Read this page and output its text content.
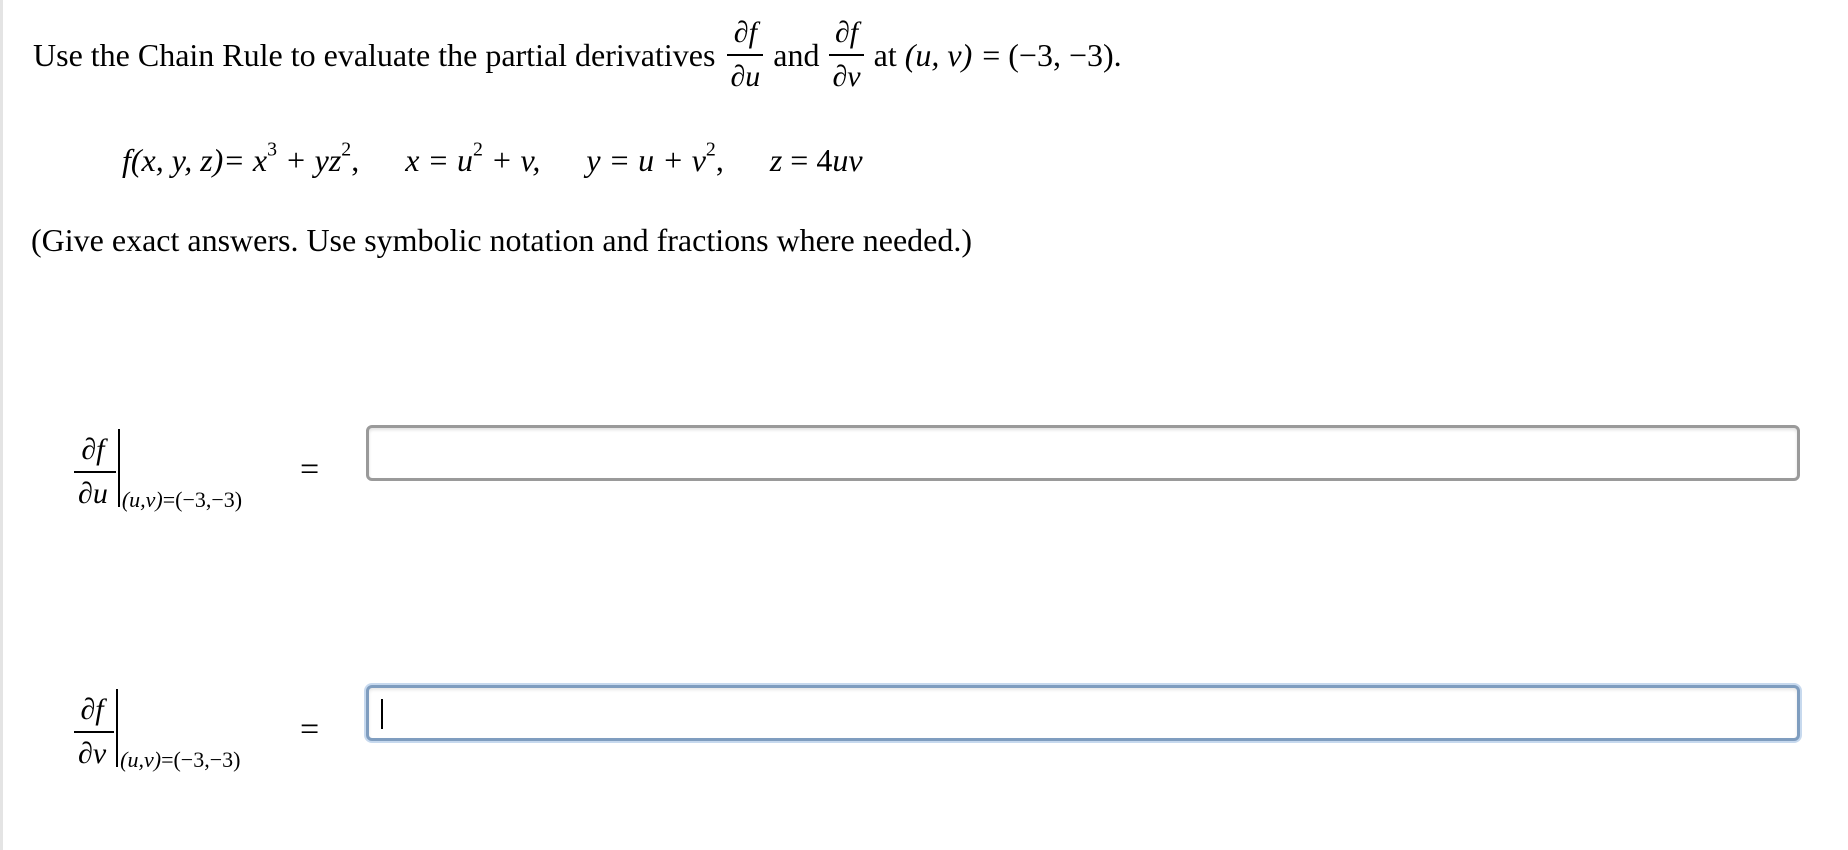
Use the Chain Rule to evaluate the partial derivatives $\frac{\partial f}{\partial u}$ and $\frac{\partial f}{\partial v}$ at (u, v) = (−3, −3).
f(x, y, $z)= x^3 + yz^2$, $x = u^2 + v$, $y = u + v^2$, z = 4uv
(Give exact answers. Use symbolic notation and fractions where needed.)
$\frac{\partial f}{\partial u} (u,v)=(-3,-3)$
=
$\frac{\partial f}{\partial v} (u,v)=(-3,-3)$
=
